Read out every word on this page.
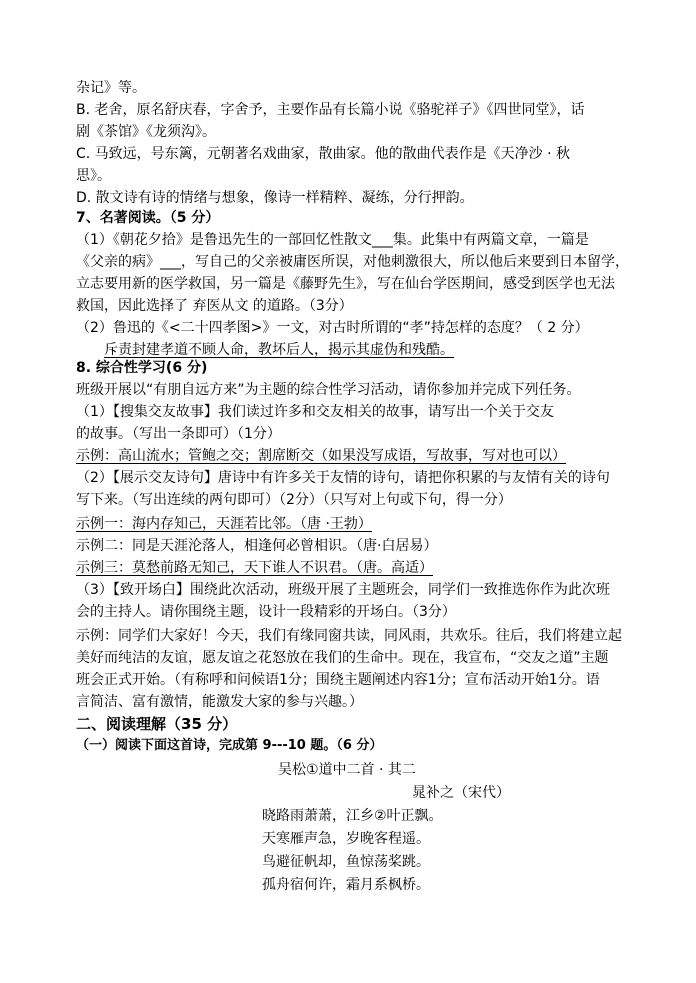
杂记》等。
B. 老舍，原名舒庆春，字舍予，主要作品有长篇小说《骆驼祥子》《四世同堂》，话
剧《茶馆》《龙须沟》。
C. 马致远，号东篱，元朝著名戏曲家，散曲家。他的散曲代表作是《天净沙 · 秋
思》。
D. 散文诗有诗的情绪与想象，像诗一样精粹、凝练，分行押韵。
7、名著阅读。（5 分）
（1）《朝花夕拾》是鲁迅先生的一部回忆性散文___集。此集中有两篇文章，一篇是
《父亲的病》___，写自己的父亲被庸医所误，对他刺激很大，所以他后来要到日本留学，
立志要用新的医学救国，另一篇是《藤野先生》，写在仙台学医期间，感受到医学也无法
救国，因此选择了 弃医从文 的道路。（3分）
（2）鲁迅的《<二十四孝图>》一文，对古时所谓的“孝”持怎样的态度？（ 2 分）
斥责封建孝道不顾人命，教坏后人，揭示其虚伪和残酷。
8. 综合性学习(6 分)
班级开展以“有朋自远方来”为主题的综合性学习活动，请你参加并完成下列任务。
（1）【搜集交友故事】我们读过许多和交友相关的故事，请写出一个关于交友
的故事。（写出一条即可）（1分）
示例：高山流水；管鲍之交；割席断交（如果没写成语，写故事，写对也可以）
（2）【展示交友诗句】唐诗中有许多关于友情的诗句，请把你积累的与友情有关的诗句
写下来。（写出连续的两句即可）（2分）（只写对上句或下句，得一分）
示例一：海内存知己，天涯若比邻。（唐 ·王勃）
示例二：同是天涯沦落人，相逢何必曾相识。（唐·白居易）
示例三：莫愁前路无知己，天下谁人不识君。（唐。高适）
（3）【致开场白】围绕此次活动，班级开展了主题班会，同学们一致推选你作为此次班
会的主持人。请你围绕主题，设计一段精彩的开场白。（3分）
示例：同学们大家好！今天，我们有缘同窗共读，同风雨，共欢乐。往后，我们将建立起
美好而纯洁的友谊，愿友谊之花怒放在我们的生命中。现在，我宣布，“交友之道”主题
班会正式开始。（有称呼和问候语1分；围绕主题阐述内容1分；宣布活动开始1分。语
言简洁、富有激情，能激发大家的参与兴趣。）
二、阅读理解（35 分）
（一）阅读下面这首诗，完成第 9---10 题。（6 分）
吴松①道中二首 · 其二
晁补之（宋代）
晓路雨萧萧，江乡②叶正飘。
天寒雁声急，岁晚客程遥。
鸟避征帆却，鱼惊荡桨跳。
孤舟宿何许，霜月系枫桥。
